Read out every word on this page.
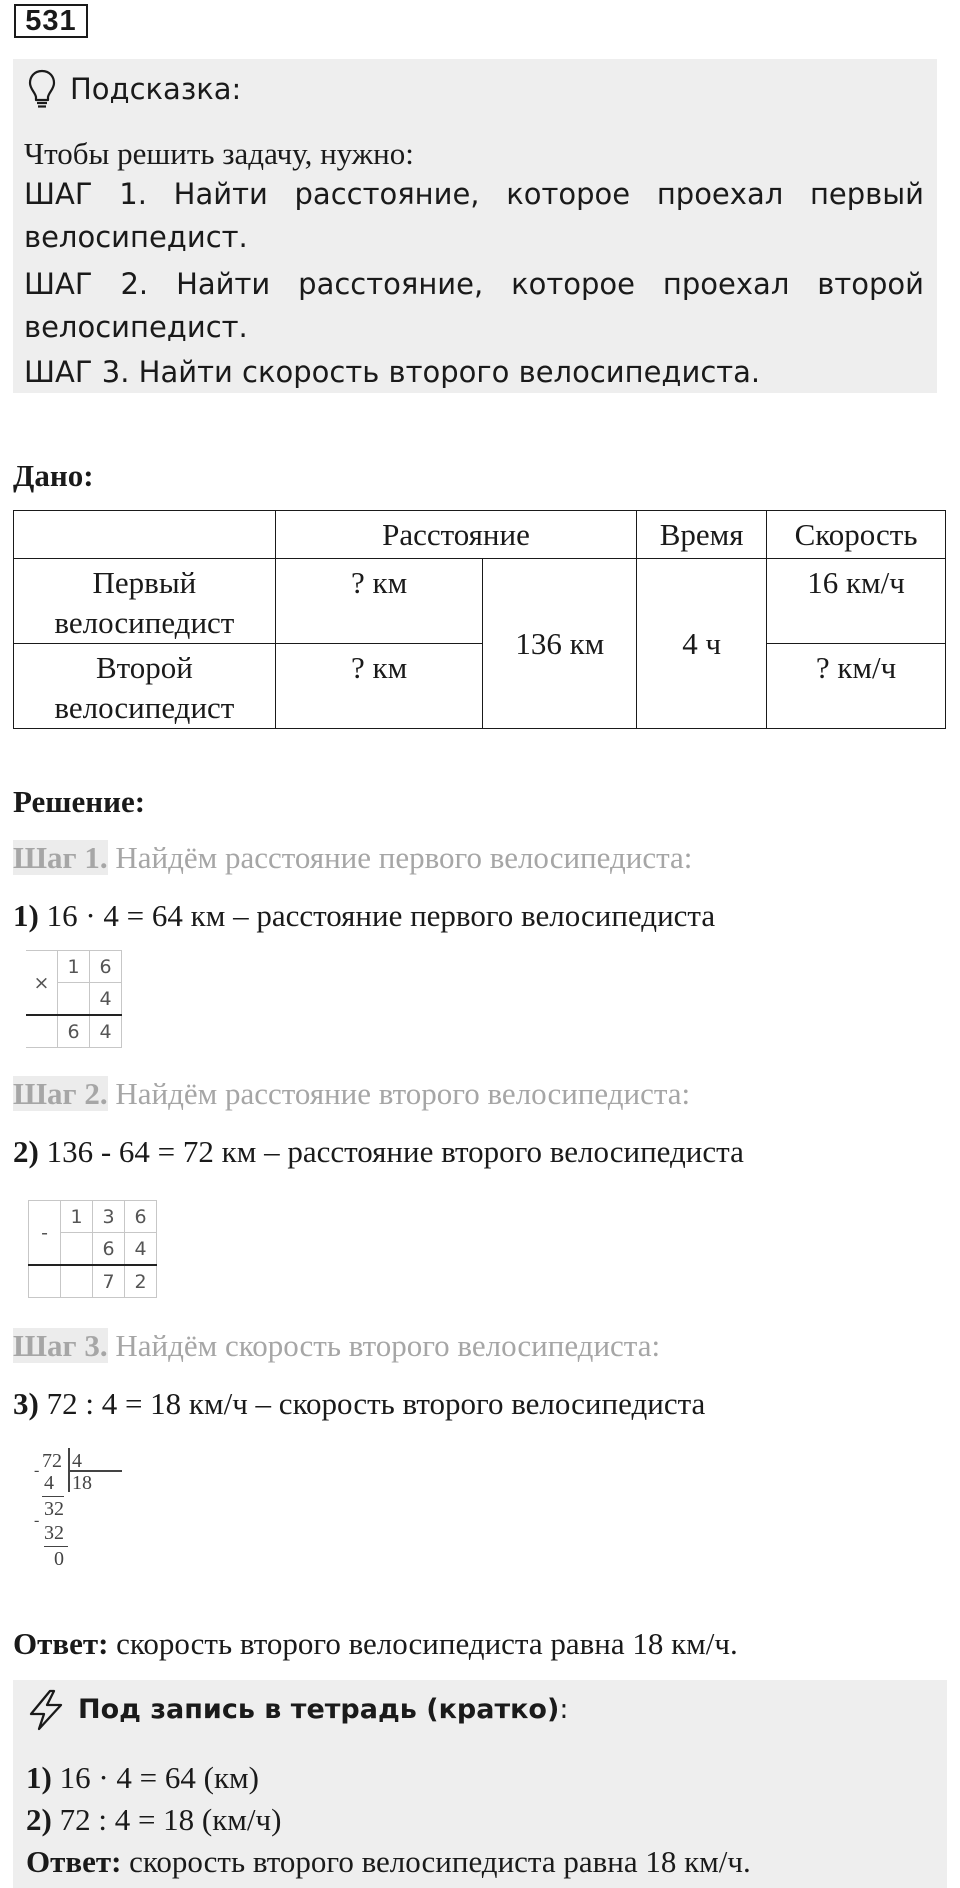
531
Подсказка:
Чтобы решить задачу, нужно:
ШАГ 1. Найти расстояние, которое проехал первый
велосипедист.
ШАГ 2. Найти расстояние, которое проехал второй
велосипедист.
ШАГ 3. Найти скорость второго велосипедиста.
Дано:
	Расстояние		Время	Скорость

Первый
велосипедист	? км	136 км	4 ч	16 км/ч

Второй
велосипедист	? км			? км/ч
Решение:
Шаг 1. Найдём расстояние первого велосипедиста:
1) 16 · 4 = 64 км – расстояние первого велосипедиста
×	1	6
		4
	6	4
Шаг 2. Найдём расстояние второго велосипедиста:
2) 136 - 64 = 72 км – расстояние второго велосипедиста
-	1	3	6
		6	4
		7	2
Шаг 3. Найдём скорость второго велосипедиста:
3) 72 : 4 = 18 км/ч – скорость второго велосипедиста
72 4
18
-
4
32
-
32
0
Ответ: скорость второго велосипедиста равна 18 км/ч.
Под запись в тетрадь (кратко):
1) 16 · 4 = 64 (км)
2) 72 : 4 = 18 (км/ч)
Ответ: скорость второго велосипедиста равна 18 км/ч.
